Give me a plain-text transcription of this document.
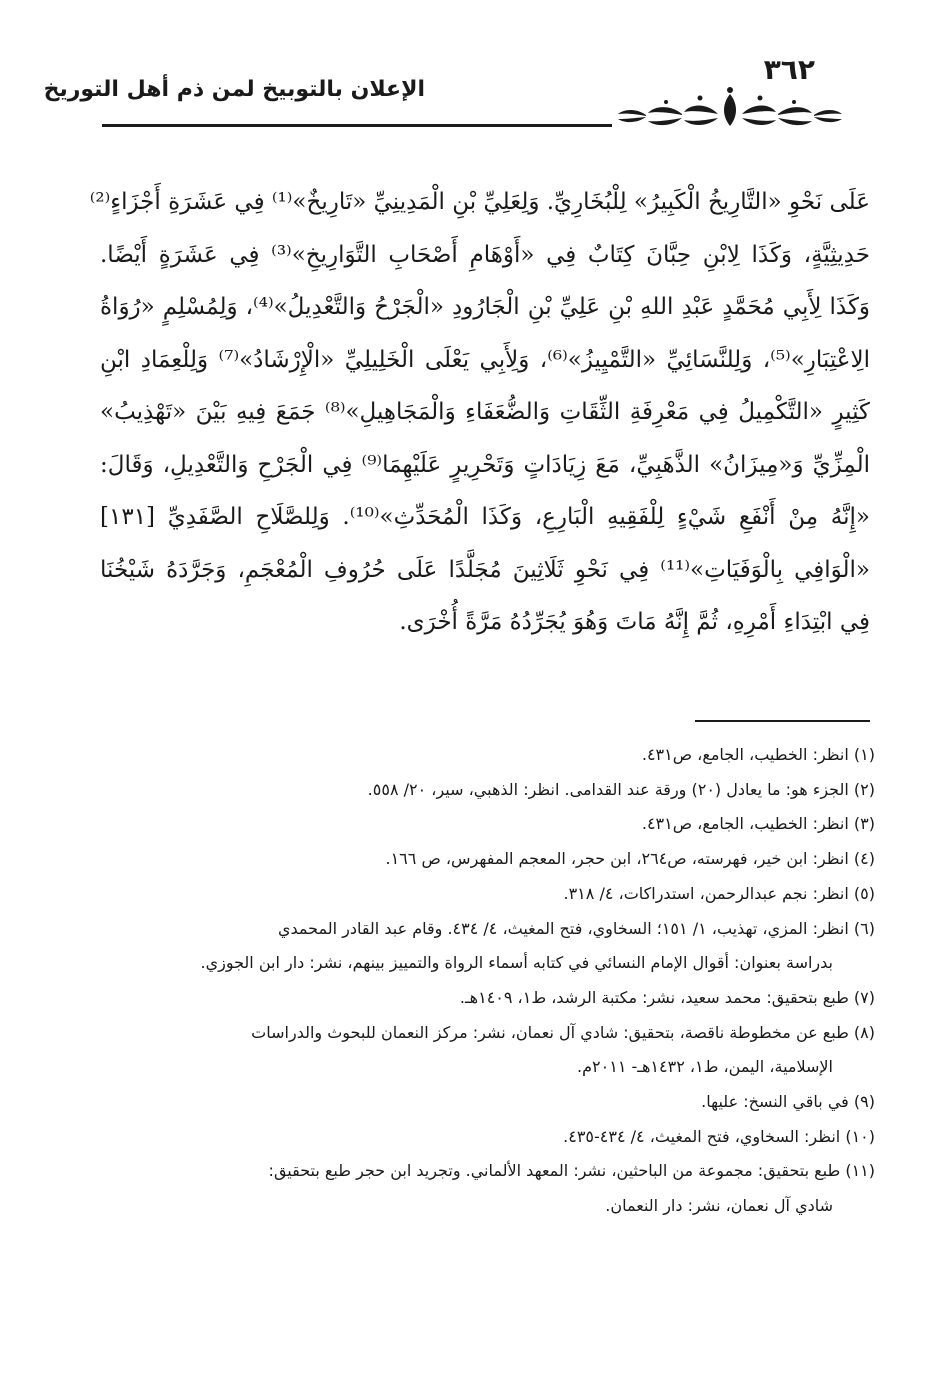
٣٦٢
الإعلان بالتوبيخ لمن ذم أهل التوريخ
عَلَى نَحْوِ «التَّارِيخُ الْكَبِيرُ» لِلْبُخَارِيِّ. وَلِعَلِيِّ بْنِ الْمَدِينِيِّ «تَارِيخٌ»⁽¹⁾ فِي عَشَرَةِ أَجْزَاءٍ⁽²⁾
حَدِيثِيَّةٍ، وَكَذَا لِابْنِ حِبَّانَ كِتَابٌ فِي «أَوْهَامِ أَصْحَابِ التَّوَارِيخِ»⁽³⁾ فِي عَشَرَةٍ أَيْضًا.
وَكَذَا لِأَبِي مُحَمَّدٍ عَبْدِ اللهِ بْنِ عَلِيِّ بْنِ الْجَارُودِ «الْجَرْحُ وَالتَّعْدِيلُ»⁽⁴⁾، وَلِمُسْلِمٍ «رُوَاةُ
الِاعْتِبَارِ»⁽⁵⁾، وَلِلنَّسَائِيِّ «التَّمْيِيزُ»⁽⁶⁾، وَلِأَبِي يَعْلَى الْخَلِيلِيِّ «الْإِرْشَادُ»⁽⁷⁾ وَلِلْعِمَادِ ابْنِ
كَثِيرٍ «التَّكْمِيلُ فِي مَعْرِفَةِ الثِّقَاتِ وَالضُّعَفَاءِ وَالْمَجَاهِيلِ»⁽⁸⁾ جَمَعَ فِيهِ بَيْنَ «تَهْذِيبُ»
الْمِزِّيِّ وَ«مِيزَانُ» الذَّهَبِيِّ، مَعَ زِيَادَاتٍ وَتَحْرِيرٍ عَلَيْهِمَا⁽⁹⁾ فِي الْجَرْحِ وَالتَّعْدِيلِ، وَقَالَ:
«إِنَّهُ مِنْ أَنْفَعِ شَيْءٍ لِلْفَقِيهِ الْبَارِعِ، وَكَذَا الْمُحَدِّثِ»⁽¹⁰⁾. وَلِلصَّلَاحِ الصَّفَدِيِّ [١٣١]
«الْوَافِي بِالْوَفَيَاتِ»⁽¹¹⁾ فِي نَحْوِ ثَلَاثِينَ مُجَلَّدًا عَلَى حُرُوفِ الْمُعْجَمِ، وَجَرَّدَهُ شَيْخُنَا
فِي ابْتِدَاءِ أَمْرِهِ، ثُمَّ إِنَّهُ مَاتَ وَهُوَ يُجَرِّدُهُ مَرَّةً أُخْرَى.
(١) انظر: الخطيب، الجامع، ص٤٣١.
(٢) الجزء هو: ما يعادل (٢٠) ورقة عند القدامى. انظر: الذهبي، سير، ٢٠/ ٥٥٨.
(٣) انظر: الخطيب، الجامع، ص٤٣١.
(٤) انظر: ابن خير، فهرسته، ص٢٦٤، ابن حجر، المعجم المفهرس، ص ١٦٦.
(٥) انظر: نجم عبدالرحمن، استدراكات، ٤/ ٣١٨.
(٦) انظر: المزي، تهذيب، ١/ ١٥١؛ السخاوي، فتح المغيث، ٤/ ٤٣٤. وقام عبد القادر المحمدي
بدراسة بعنوان: أقوال الإمام النسائي في كتابه أسماء الرواة والتمييز بينهم، نشر: دار ابن الجوزي.
(٧) طبع بتحقيق: محمد سعيد، نشر: مكتبة الرشد، ط١، ١٤٠٩هـ.
(٨) طبع عن مخطوطة ناقصة، بتحقيق: شادي آل نعمان، نشر: مركز النعمان للبحوث والدراسات
الإسلامية، اليمن، ط١، ١٤٣٢هـ- ٢٠١١م.
(٩) في باقي النسخ: عليها.
(١٠) انظر: السخاوي، فتح المغيث، ٤/ ٤٣٤-٤٣٥.
(١١) طبع بتحقيق: مجموعة من الباحثين، نشر: المعهد الألماني. وتجريد ابن حجر طبع بتحقيق:
شادي آل نعمان، نشر: دار النعمان.
